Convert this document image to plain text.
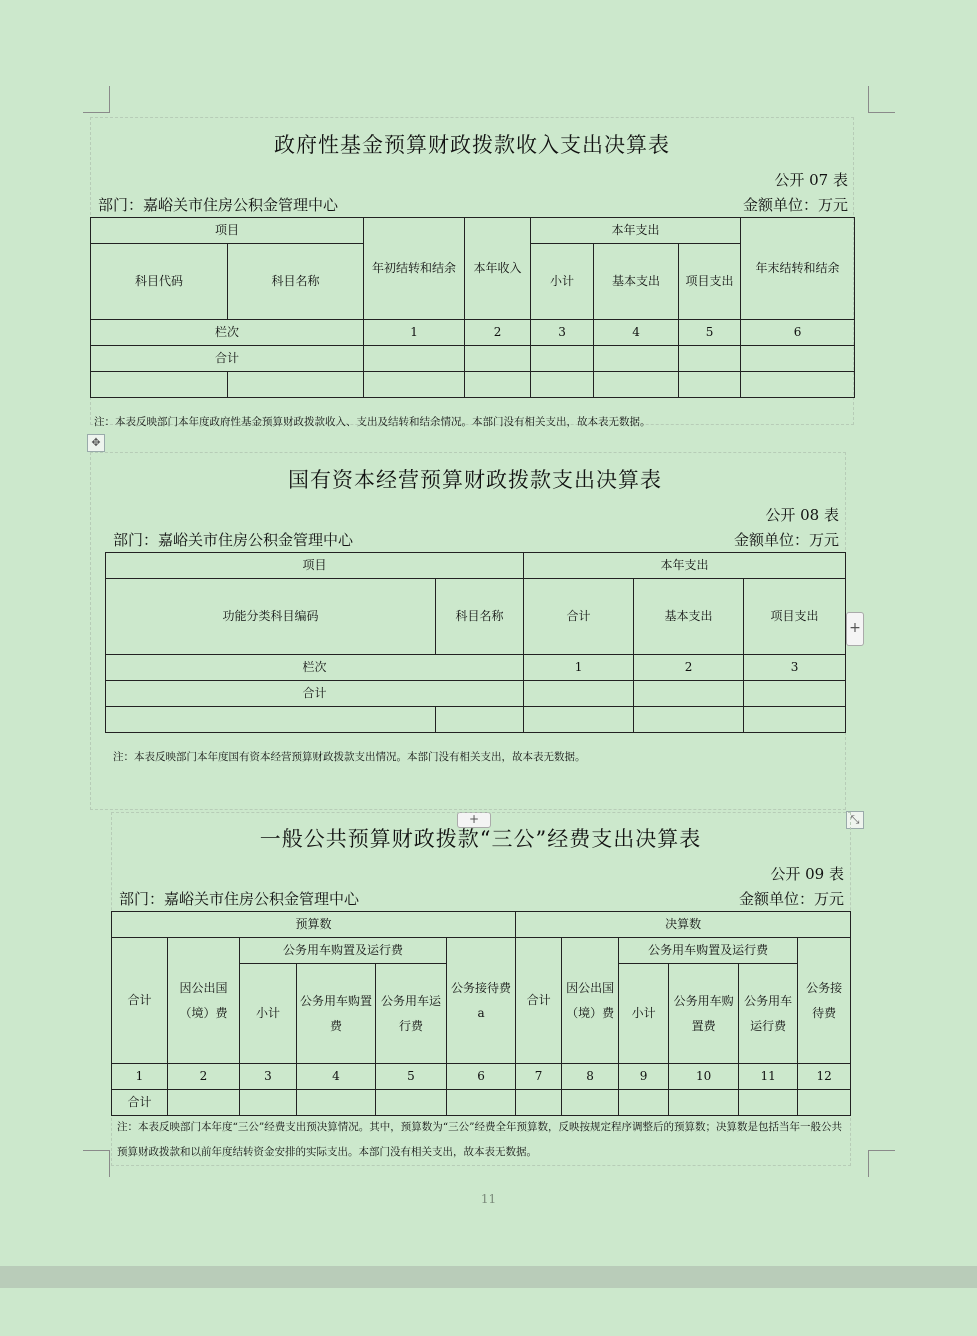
政府性基金预算财政拨款收入支出决算表
公开 07 表
部门：嘉峪关市住房公积金管理中心	金额单位：万元
项目		年初结转和结余	本年收入	本年支出			年末结转和结余
科目代码	科目名称			小计	基本支出	项目支出	
栏次		1	2	3	4	5	6
合计							

注：本表反映部门本年度政府性基金预算财政拨款收入、支出及结转和结余情况。本部门没有相关支出，故本表无数据。
✥
国有资本经营预算财政拨款支出决算表
公开 08 表
部门：嘉峪关市住房公积金管理中心	金额单位：万元
项目		本年支出		
功能分类科目编码	科目名称	合计	基本支出	项目支出
栏次		1	2	3
合计				

注：本表反映部门本年度国有资本经营预算财政拨款支出情况。本部门没有相关支出，故本表无数据。
+
+	⤡
一般公共预算财政拨款“三公”经费支出决算表
公开 09 表
部门：嘉峪关市住房公积金管理中心	金额单位：万元
预算数						决算数					
合计	因公出国（境）费	公务用车购置及运行费			公务接待费 a	合计	因公出国（境）费	公务用车购置及运行费			公务接待费
		小计	公务用车购置费	公务用车运行费				小计	公务用车购置费	公务用车运行费	
1	2	3	4	5	6	7	8	9	10	11	12
合计											
注：本表反映部门本年度“三公”经费支出预决算情况。其中，预算数为“三公”经费全年预算数，反映按规定程序调整后的预算数；决算数是包括当年一般公共预算财政拨款和以前年度结转资金安排的实际支出。本部门没有相关支出，故本表无数据。
11
